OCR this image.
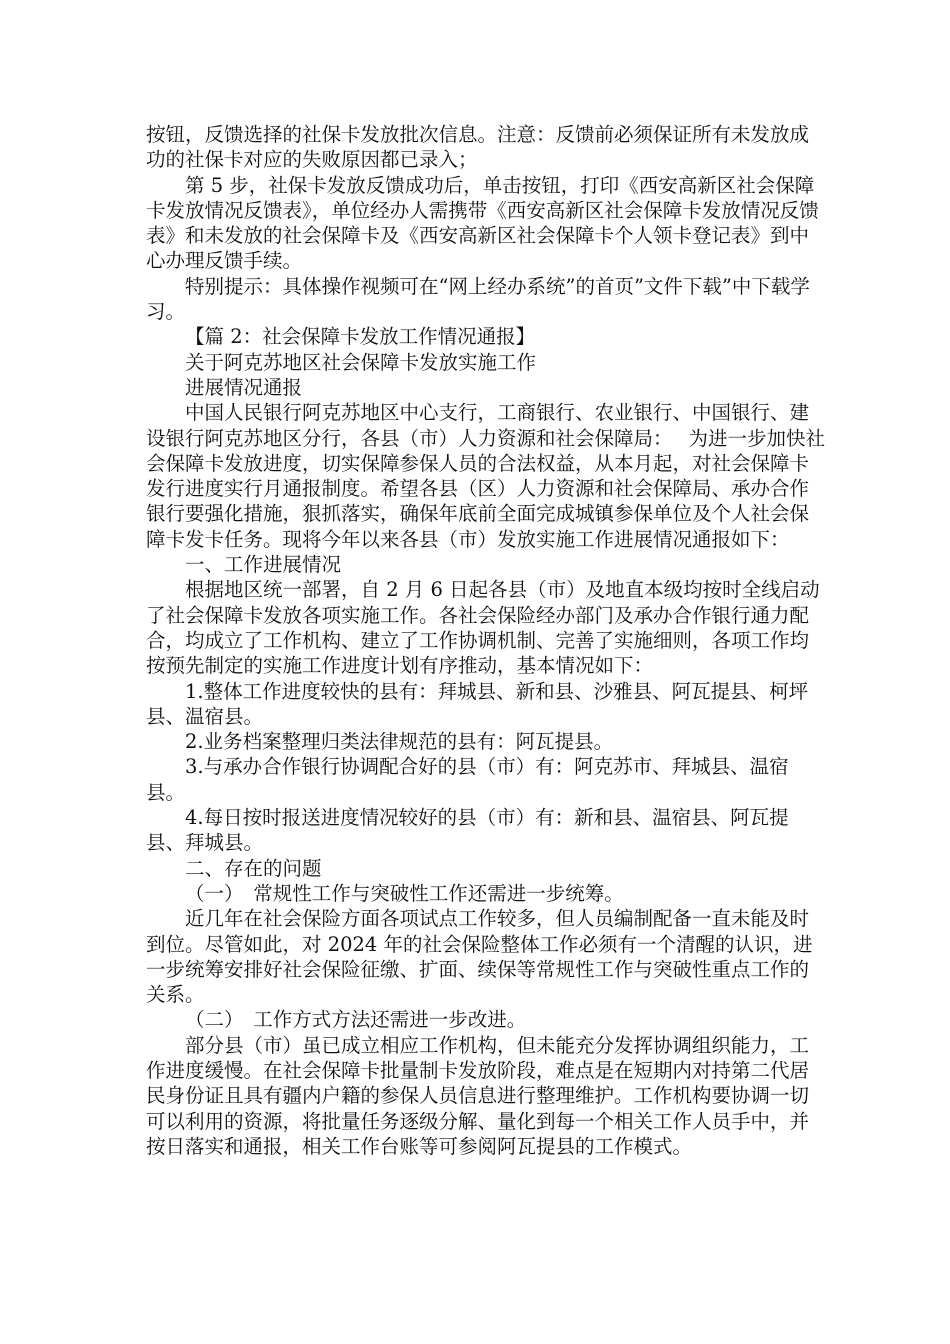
按钮，反馈选择的社保卡发放批次信息。注意：反馈前必须保证所有未发放成功的社保卡对应的失败原因都已录入；

第 5 步，社保卡发放反馈成功后，单击按钮，打印《西安高新区社会保障卡发放情况反馈表》，单位经办人需携带《西安高新区社会保障卡发放情况反馈表》和未发放的社会保障卡及《西安高新区社会保障卡个人领卡登记表》到中心办理反馈手续。

特别提示：具体操作视频可在“网上经办系统”的首页”文件下载”中下载学习。

【篇 2：社会保障卡发放工作情况通报】

关于阿克苏地区社会保障卡发放实施工作

进展情况通报

中国人民银行阿克苏地区中心支行，工商银行、农业银行、中国银行、建设银行阿克苏地区分行，各县（市）人力资源和社会保障局：　 为进一步加快社会保障卡发放进度，切实保障参保人员的合法权益，从本月起，对社会保障卡发行进度实行月通报制度。希望各县（区）人力资源和社会保障局、承办合作银行要强化措施，狠抓落实，确保年底前全面完成城镇参保单位及个人社会保障卡发卡任务。现将今年以来各县（市）发放实施工作进展情况通报如下：

一、工作进展情况

根据地区统一部署，自 2 月 6 日起各县（市）及地直本级均按时全线启动了社会保障卡发放各项实施工作。各社会保险经办部门及承办合作银行通力配合，均成立了工作机构、建立了工作协调机制、完善了实施细则，各项工作均按预先制定的实施工作进度计划有序推动，基本情况如下：

1.整体工作进度较快的县有：拜城县、新和县、沙雅县、阿瓦提县、柯坪县、温宿县。

2.业务档案整理归类法律规范的县有：阿瓦提县。

3.与承办合作银行协调配合好的县（市）有：阿克苏市、拜城县、温宿县。

4.每日按时报送进度情况较好的县（市）有：新和县、温宿县、阿瓦提县、拜城县。

二、存在的问题

（一）　常规性工作与突破性工作还需进一步统筹。

近几年在社会保险方面各项试点工作较多，但人员编制配备一直未能及时到位。尽管如此，对 2024 年的社会保险整体工作必须有一个清醒的认识，进一步统筹安排好社会保险征缴、扩面、续保等常规性工作与突破性重点工作的关系。

（二）　工作方式方法还需进一步改进。

部分县（市）虽已成立相应工作机构，但未能充分发挥协调组织能力，工作进度缓慢。在社会保障卡批量制卡发放阶段，难点是在短期内对持第二代居民身份证且具有疆内户籍的参保人员信息进行整理维护。工作机构要协调一切可以利用的资源，将批量任务逐级分解、量化到每一个相关工作人员手中，并按日落实和通报，相关工作台账等可参阅阿瓦提县的工作模式。
